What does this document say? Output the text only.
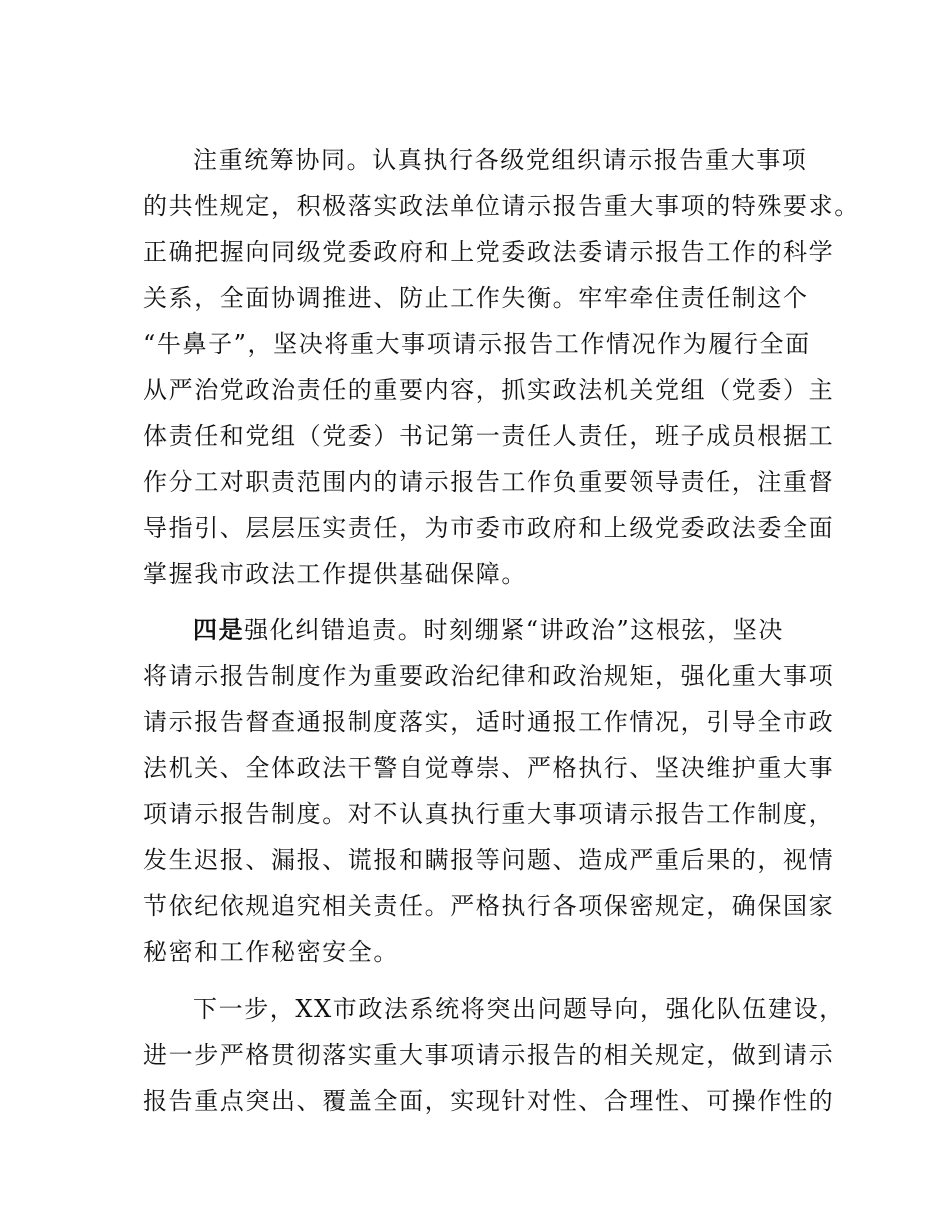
注重统筹协同。认真执行各级党组织请示报告重大事项
的共性规定，积极落实政法单位请示报告重大事项的特殊要求。
正确把握向同级党委政府和上党委政法委请示报告工作的科学
关系，全面协调推进、防止工作失衡。牢牢牵住责任制这个
“牛鼻子”，坚决将重大事项请示报告工作情况作为履行全面
从严治党政治责任的重要内容，抓实政法机关党组（党委）主
体责任和党组（党委）书记第一责任人责任，班子成员根据工
作分工对职责范围内的请示报告工作负重要领导责任，注重督
导指引、层层压实责任，为市委市政府和上级党委政法委全面
掌握我市政法工作提供基础保障。
四是强化纠错追责。时刻绷紧“讲政治”这根弦，坚决
将请示报告制度作为重要政治纪律和政治规矩，强化重大事项
请示报告督查通报制度落实，适时通报工作情况，引导全市政
法机关、全体政法干警自觉尊崇、严格执行、坚决维护重大事
项请示报告制度。对不认真执行重大事项请示报告工作制度，
发生迟报、漏报、谎报和瞒报等问题、造成严重后果的，视情
节依纪依规追究相关责任。严格执行各项保密规定，确保国家
秘密和工作秘密安全。
下一步，XX市政法系统将突出问题导向，强化队伍建设，
进一步严格贯彻落实重大事项请示报告的相关规定，做到请示
报告重点突出、覆盖全面，实现针对性、合理性、可操作性的
